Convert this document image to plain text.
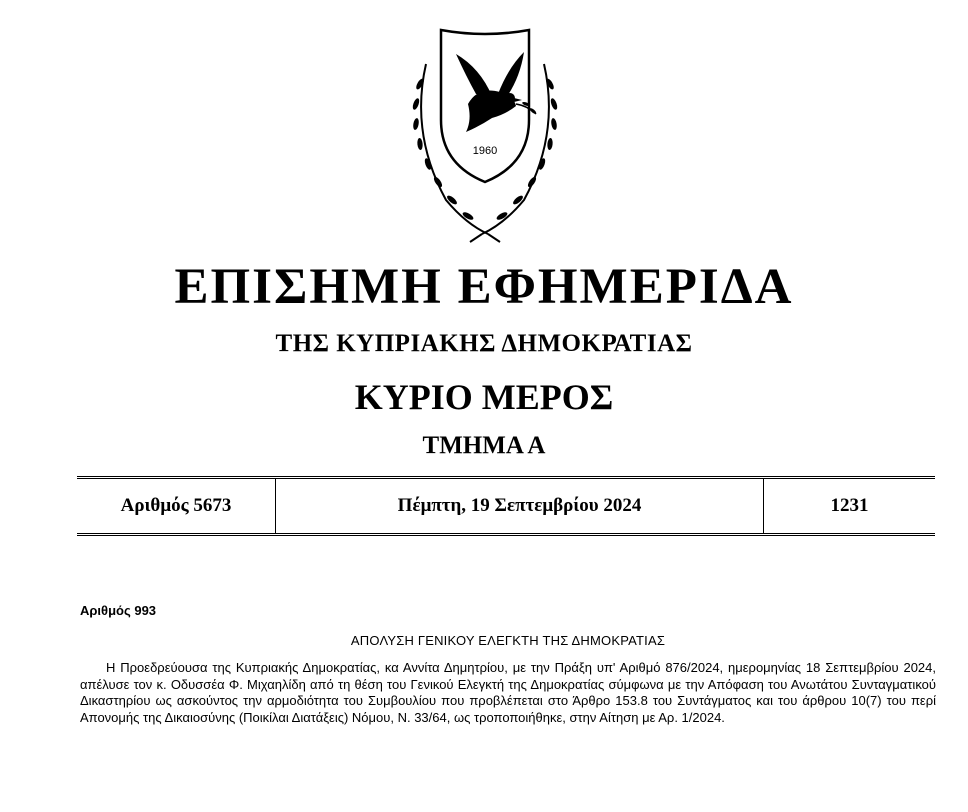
1960
ΕΠΙΣΗΜΗ ΕΦΗΜΕΡΙΔΑ
ΤΗΣ ΚΥΠΡΙΑΚΗΣ ΔΗΜΟΚΡΑΤΙΑΣ
ΚΥΡΙΟ ΜΕΡΟΣ
ΤΜΗΜΑ Α
Αριθμός 5673	Πέμπτη, 19 Σεπτεμβρίου 2024	1231

Αριθμός 993

ΑΠΟΛΥΣΗ ΓΕΝΙΚΟΥ ΕΛΕΓΚΤΗ ΤΗΣ ΔΗΜΟΚΡΑΤΙΑΣ

Η Προεδρεύουσα της Κυπριακής Δημοκρατίας, κα Αννίτα Δημητρίου, με την Πράξη υπ' Αριθμό 876/2024, ημερομηνίας 18 Σεπτεμβρίου 2024, απέλυσε τον κ. Οδυσσέα Φ. Μιχαηλίδη από τη θέση του Γενικού Ελεγκτή της Δημοκρατίας σύμφωνα με την Απόφαση του Ανωτάτου Συνταγματικού Δικαστηρίου ως ασκούντος την αρμοδιότητα του Συμβουλίου που προβλέπεται στο Άρθρο 153.8 του Συντάγματος και του άρθρου 10(7) του περί Απονομής της Δικαιοσύνης (Ποικίλαι Διατάξεις) Νόμου, Ν. 33/64, ως τροποποιήθηκε, στην Αίτηση με Αρ. 1/2024.
